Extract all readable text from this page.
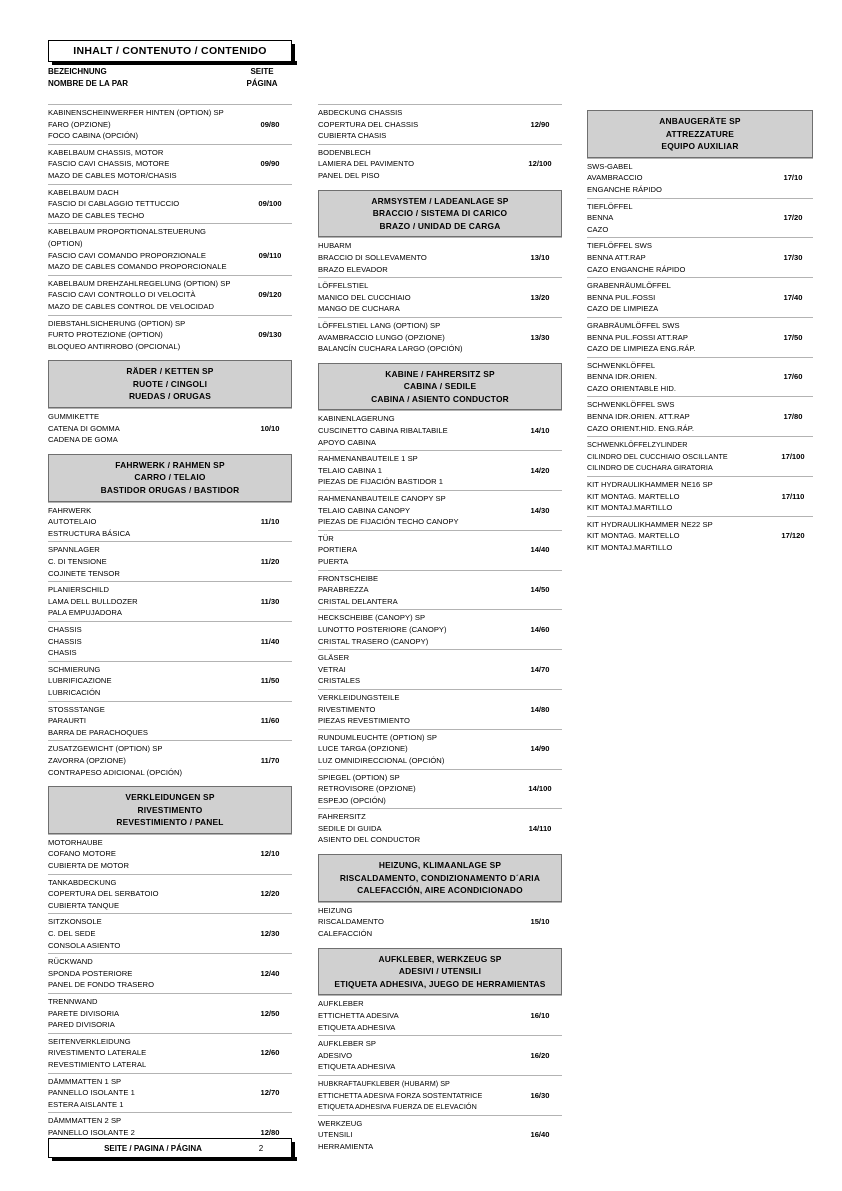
INHALT / CONTENUTO / CONTENIDO
BEZEICHNUNG	SEITE
NOMBRE DE LA PAR	PÁGINA
KABINENSCHEINWERFER HINTEN (OPTION) SP
FARO (OPZIONE)
FOCO CABINA (OPCIÓN)
09/80
KABELBAUM CHASSIS, MOTOR
FASCIO CAVI CHASSIS, MOTORE
MAZO DE CABLES MOTOR/CHASIS
09/90
KABELBAUM DACH
FASCIO DI CABLAGGIO TETTUCCIO
MAZO DE CABLES TECHO
09/100
KABELBAUM PROPORTIONALSTEUERUNG
(OPTION)
FASCIO CAVI COMANDO PROPORZIONALE
MAZO DE CABLES COMANDO PROPORCIONALE
09/110
KABELBAUM DREHZAHLREGELUNG (OPTION) SP
FASCIO CAVI CONTROLLO DI VELOCITÀ
MAZO DE CABLES CONTROL DE VELOCIDAD
09/120
DIEBSTAHLSICHERUNG (OPTION) SP
FURTO PROTEZIONE (OPTION)
BLOQUEO ANTIRROBO (OPCIONAL)
09/130
RÄDER / KETTEN SP
RUOTE / CINGOLI
RUEDAS / ORUGAS
GUMMIKETTE
CATENA DI GOMMA
CADENA DE GOMA
10/10
FAHRWERK / RAHMEN SP
CARRO / TELAIO
BASTIDOR ORUGAS / BASTIDOR
FAHRWERK
AUTOTELAIO
ESTRUCTURA BÁSICA
11/10
SPANNLAGER
C. DI TENSIONE
COJINETE TENSOR
11/20
PLANIERSCHILD
LAMA DELL BULLDOZER
PALA EMPUJADORA
11/30
CHASSIS
CHASSIS
CHASIS
11/40
SCHMIERUNG
LUBRIFICAZIONE
LUBRICACIÓN
11/50
STOSSSTANGE
PARAURTI
BARRA DE PARACHOQUES
11/60
ZUSATZGEWICHT (OPTION) SP
ZAVORRA (OPZIONE)
CONTRAPESO ADICIONAL (OPCIÓN)
11/70
VERKLEIDUNGEN SP
RIVESTIMENTO
REVESTIMIENTO / PANEL
MOTORHAUBE
COFANO MOTORE
CUBIERTA DE MOTOR
12/10
TANKABDECKUNG
COPERTURA DEL SERBATOIO
CUBIERTA TANQUE
12/20
SITZKONSOLE
C. DEL SEDE
CONSOLA ASIENTO
12/30
RÜCKWAND
SPONDA POSTERIORE
PANEL DE FONDO TRASERO
12/40
TRENNWAND
PARETE DIVISORIA
PARED DIVISORIA
12/50
SEITENVERKLEIDUNG
RIVESTIMENTO LATERALE
REVESTIMIENTO LATERAL
12/60
DÄMMMATTEN 1 SP
PANNELLO ISOLANTE 1
ESTERA AISLANTE 1
12/70
DÄMMMATTEN 2 SP
PANNELLO ISOLANTE 2	12/80
ABDECKUNG CHASSIS
COPERTURA DEL CHASSIS
CUBIERTA CHASIS
12/90
BODENBLECH
LAMIERA DEL PAVIMENTO
PANEL DEL PISO
12/100
ARMSYSTEM / LADEANLAGE SP
BRACCIO / SISTEMA DI CARICO
BRAZO / UNIDAD DE CARGA
HUBARM
BRACCIO DI SOLLEVAMENTO
BRAZO ELEVADOR
13/10
LÖFFELSTIEL
MANICO DEL CUCCHIAIO
MANGO DE CUCHARA
13/20
LÖFFELSTIEL LANG (OPTION) SP
AVAMBRACCIO LUNGO (OPZIONE)
BALANCÍN CUCHARA LARGO (OPCIÓN)
13/30
KABINE / FAHRERSITZ SP
CABINA / SEDILE
CABINA / ASIENTO CONDUCTOR
KABINENLAGERUNG
CUSCINETTO CABINA RIBALTABILE
APOYO CABINA
14/10
RAHMENANBAUTEILE 1 SP
TELAIO CABINA 1
PIEZAS DE FIJACIÓN BASTIDOR 1
14/20
RAHMENANBAUTEILE CANOPY SP
TELAIO CABINA CANOPY
PIEZAS DE FIJACIÓN TECHO CANOPY
14/30
TÜR
PORTIERA
PUERTA
14/40
FRONTSCHEIBE
PARABREZZA
CRISTAL DELANTERA
14/50
HECKSCHEIBE (CANOPY) SP
LUNOTTO POSTERIORE (CANOPY)
CRISTAL TRASERO (CANOPY)
14/60
GLÄSER
VETRAI
CRISTALES
14/70
VERKLEIDUNGSTEILE
RIVESTIMENTO
PIEZAS REVESTIMIENTO
14/80
RUNDUMLEUCHTE (OPTION) SP
LUCE TARGA (OPZIONE)
LUZ OMNIDIRECCIONAL (OPCIÓN)
14/90
SPIEGEL (OPTION) SP
RETROVISORE (OPZIONE)
ESPEJO (OPCIÓN)
14/100
FAHRERSITZ
SEDILE DI GUIDA
ASIENTO DEL CONDUCTOR
14/110
HEIZUNG, KLIMAANLAGE SP
RISCALDAMENTO, CONDIZIONAMENTO D´ARIA
CALEFACCIÓN, AIRE ACONDICIONADO
HEIZUNG
RISCALDAMENTO
CALEFACCIÓN
15/10
AUFKLEBER, WERKZEUG SP
ADESIVI / UTENSILI
ETIQUETA ADHESIVA, JUEGO DE HERRAMIENTAS
AUFKLEBER
ETTICHETTA ADESIVA
ETIQUETA ADHESIVA
16/10
AUFKLEBER SP
ADESIVO
ETIQUETA ADHESIVA
16/20
HUBKRAFTAUFKLEBER (HUBARM) SP
ETTICHETTA ADESIVA FORZA SOSTENTATRICE
ETIQUETA ADHESIVA FUERZA DE ELEVACIÓN
16/30
WERKZEUG
UTENSILI
HERRAMIENTA
16/40
ANBAUGERÄTE SP
ATTREZZATURE
EQUIPO AUXILIAR
SWS-GABEL
AVAMBRACCIO
ENGANCHE RÁPIDO
17/10
TIEFLÖFFEL
BENNA
CAZO
17/20
TIEFLÖFFEL SWS
BENNA ATT.RAP
CAZO ENGANCHE RÁPIDO
17/30
GRABENRÄUMLÖFFEL
BENNA PUL.FOSSI
CAZO DE LIMPIEZA
17/40
GRABRÄUMLÖFFEL SWS
BENNA PUL.FOSSI ATT.RAP
CAZO DE LIMPIEZA ENG.RÁP.
17/50
SCHWENKLÖFFEL
BENNA IDR.ORIEN.
CAZO ORIENTABLE HID.
17/60
SCHWENKLÖFFEL SWS
BENNA IDR.ORIEN. ATT.RAP
CAZO ORIENT.HID. ENG.RÁP.
17/80
SCHWENKLÖFFELZYLINDER
CILINDRO DEL CUCCHIAIO OSCILLANTE
CILINDRO DE CUCHARA GIRATORIA
17/100
KIT HYDRAULIKHAMMER NE16 SP
KIT MONTAG. MARTELLO
KIT MONTAJ.MARTILLO
17/110
KIT HYDRAULIKHAMMER NE22 SP
KIT MONTAG. MARTELLO
KIT MONTAJ.MARTILLO
17/120
SEITE / PAGINA / PÁGINA	2
